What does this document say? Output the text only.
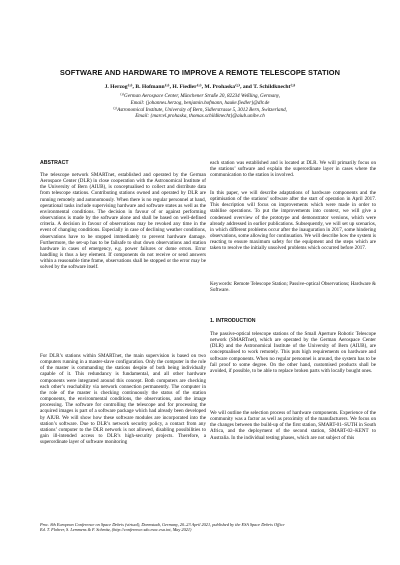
SOFTWARE AND HARDWARE TO IMPROVE A REMOTE TELESCOPE STATION
J. Herzog⁽¹⁾, B. Hofmann⁽¹⁾, H. Fiedler⁽¹⁾, M. Prohaska⁽²⁾, and T. Schildknecht⁽²⁾
⁽¹⁾German Aerospace Center, Münchener Straße 20, 82234 Weßling, Germany,
Email: {johannes.herzog, benjamin.hofmann, hauke.fiedler}@dlr.de
⁽²⁾Astronomical Institute, University of Bern, Sidlerstrasse 5, 3012 Bern, Switzerland,
Email: {marcel.prohaska, thomas.schildknecht}@aiub.unibe.ch
ABSTRACT
The telescope network SMARTnet, established and operated by the German Aerospace Center (DLR) in close cooperation with the Astronomical Institute of the University of Bern (AIUB), is conceptualised to collect and distribute data from telescope stations. Contributing stations owned and operated by DLR are running remotely and autonomously. When there is no regular personnel at hand, operational tasks include supervising hardware and software states as well as the environmental conditions. The decision in favour of or against performing observations is made by the software alone and shall be based on well-defined criteria. A decision in favour of observations may be revoked any time in the event of changing conditions. Especially in case of declining weather conditions, observations have to be stopped immediately to prevent hardware damage. Furthermore, the set-up has to be failsafe to shut down observations and station hardware in cases of emergency, e.g. power failures or dome errors. Error handling is thus a key element. If components do not receive or send answers within a reasonable time frame, observations shall be stopped or the error may be solved by the software itself.
For DLR’s stations within SMARTnet, the main supervision is based on two computers running in a master-slave configuration. Only the computer in the role of the master is commanding the stations despite of both being individually capable of it. This redundancy is fundamental, and all other hardware components were integrated around this concept. Both computers are checking each other’s reachability via network connection permanently. The computer in the role of the master is checking continuously the status of the station components, the environmental conditions, the observations, and the image processing. The software for controlling the telescope and for processing the acquired images is part of a software package which had already been developed by AIUB. We will show how these software modules are incorporated into the station’s software. Due to DLR’s network security policy, a contact from any stations’ computer to the DLR network is not allowed, disabling possibilities to gain ill-intended access to DLR’s high-security projects. Therefore, a superordinate layer of software monitoring
each station was established and is located at DLR. We will primarily focus on the stations’ software and explain the superordinate layer in cases where the communication to the station is involved.
In this paper, we will describe adaptations of hardware components and the optimisation of the stations’ software after the start of operation in April 2017. This description will focus on improvements which were made in order to stabilise operations. To put the improvements into context, we will give a condensed overview of the prototype and demonstrator versions, which were already addressed in earlier publications. Subsequently, we will set up scenarios, in which different problems occur after the inauguration in 2017, some hindering observations, some allowing for continuation. We will describe how the system is reacting to ensure maximum safety for the equipment and the steps which are taken to resolve the initially unsolved problems which occurred before 2017.
Keywords: Remote Telescope Station; Passive-optical Observations; Hardware & Software.
1. INTRODUCTION
The passive-optical telescope stations of the Small Aperture Robotic Telescope network (SMARTnet), which are operated by the German Aerospace Center (DLR) and the Astronomical Institute of the University of Bern (AIUB), are conceptualised to work remotely. This puts high requirements on hardware and software components. When no regular personnel is around, the system has to be fail proof to some degree. On the other hand, customised products shall be avoided, if possible, to be able to replace broken parts with locally bought ones.
We will outline the selection process of hardware components. Experience of the community was a factor as well as proximity of the manufacturers. We focus on the changes between the build-up of the first station, SMART-01–SUTH in South Africa, and the deployment of the second station, SMART-02–KENT to Australia. In the individual testing phases, which are not subject of this
Proc. 8th European Conference on Space Debris (virtual), Darmstadt, Germany, 20–23 April 2021, published by the ESA Space Debris Office
Ed. T. Flohrer, S. Lemmens & F. Schmitz, (http://conference.sdo.esoc.esa.int, May 2021)
